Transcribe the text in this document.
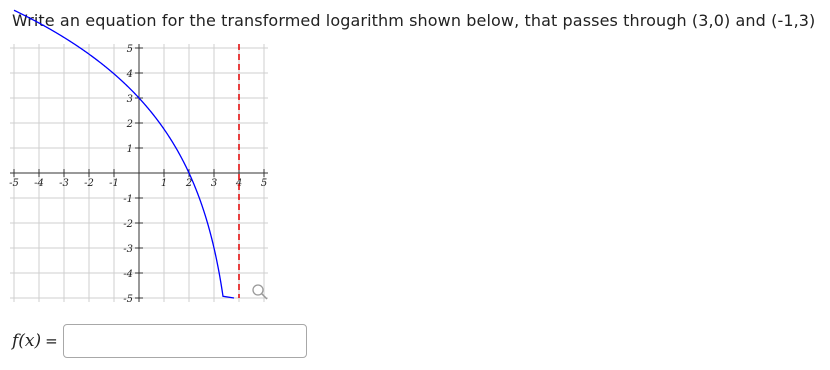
Write an equation for the transformed logarithm shown below, that passes through (3,0) and (-1,3)
-5 -4 -3 -2 -1	1 2 3 4 5
5
4
3
2
1
-1
-2
-3
-4
-5
f(x) =
